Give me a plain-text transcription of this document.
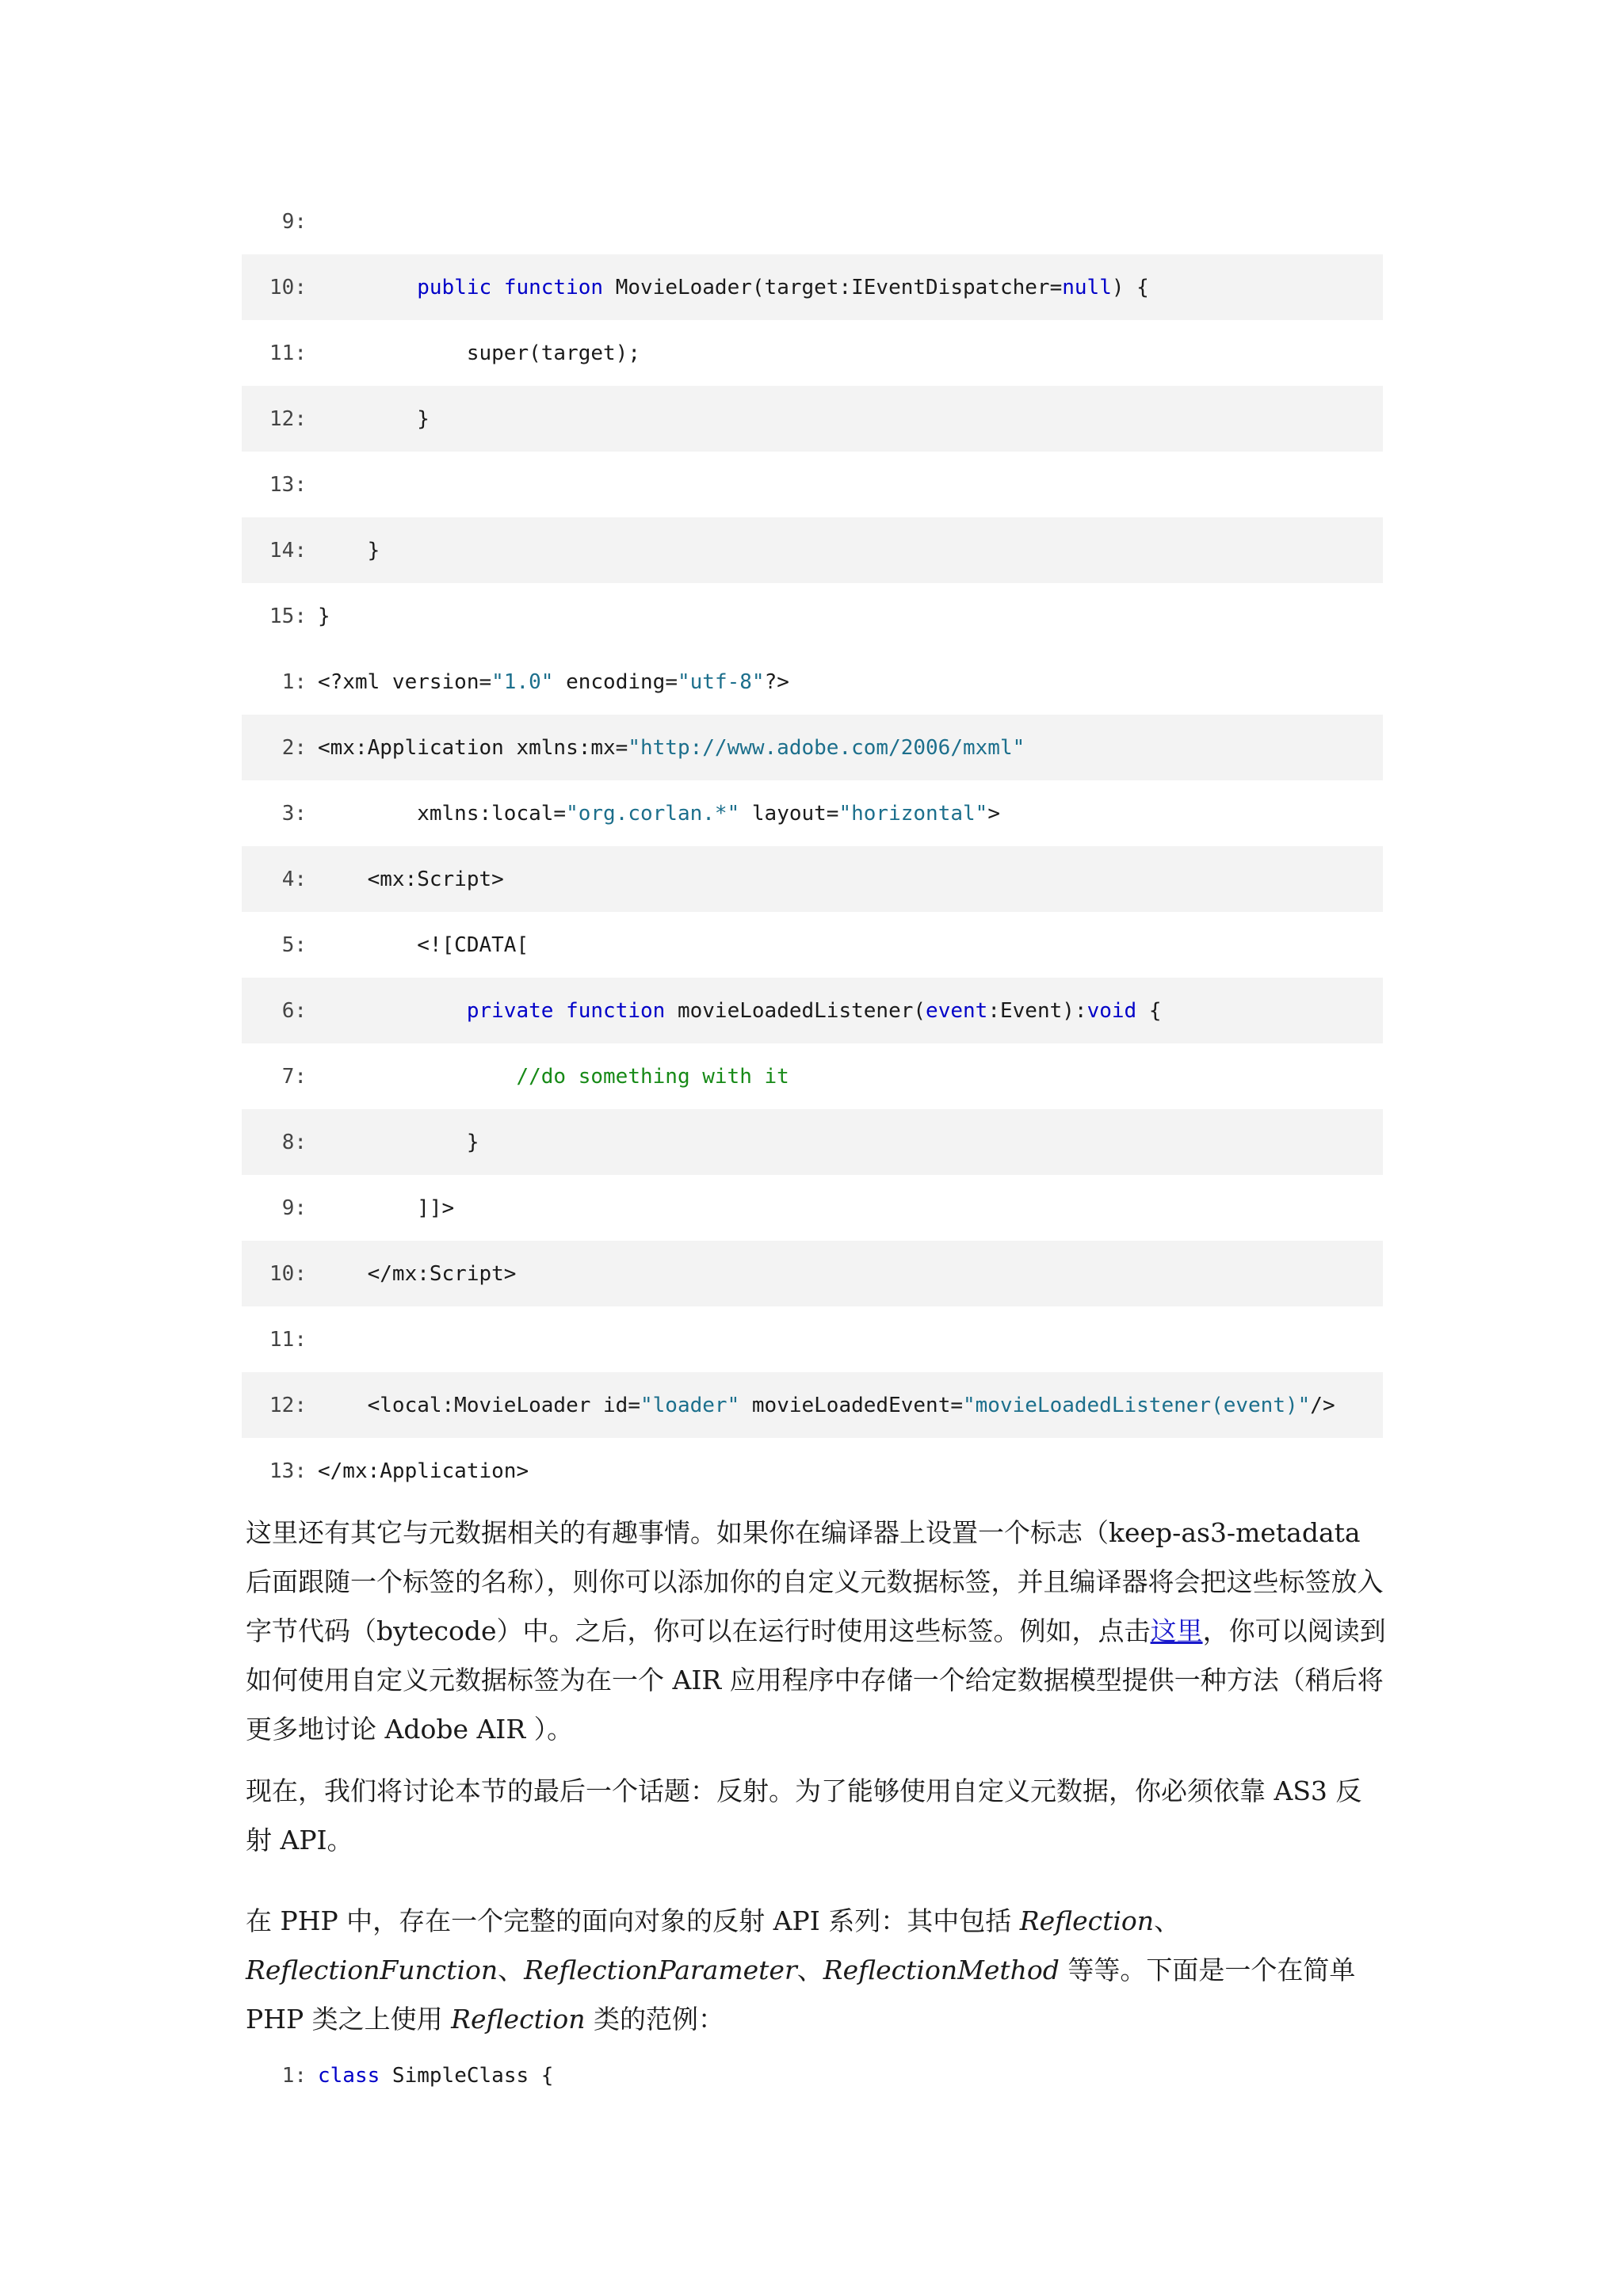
9:
10:	public function MovieLoader(target:IEventDispatcher=null) {
11: super(target);
12: }
13:
14: }
15: }
1: <?xml version="1.0" encoding="utf-8"?>
2: <mx:Application xmlns:mx="http://www.adobe.com/2006/mxml"
3: xmlns:local="org.corlan.*" layout="horizontal">
4: <mx:Script>
5: <![CDATA[
6:	private function movieLoadedListener(event:Event):void {
7:	//do something with it
8: }
9: ]]>
10: </mx:Script>
11:
12: <local:MovieLoader id="loader" movieLoadedEvent="movieLoadedListener(event)"/>
13: </mx:Application>

这里还有其它与元数据相关的有趣事情。如果你在编译器上设置一个标志（keep-as3-metadata 后面跟随一个标签的名称），则你可以添加你的自定义元数据标签，并且编译器将会把这些标签放入字节代码（bytecode）中。之后，你可以在运行时使用这些标签。例如，点击这里，你可以阅读到如何使用自定义元数据标签为在一个 AIR 应用程序中存储一个给定数据模型提供一种方法（稍后将更多地讨论 Adobe AIR ）。

现在，我们将讨论本节的最后一个话题：反射。为了能够使用自定义元数据，你必须依靠 AS3 反射 API。

在 PHP 中，存在一个完整的面向对象的反射 API 系列：其中包括 Reflection、ReflectionFunction、ReflectionParameter、ReflectionMethod 等等。下面是一个在简单 PHP 类之上使用 Reflection 类的范例：

1: class SimpleClass {
